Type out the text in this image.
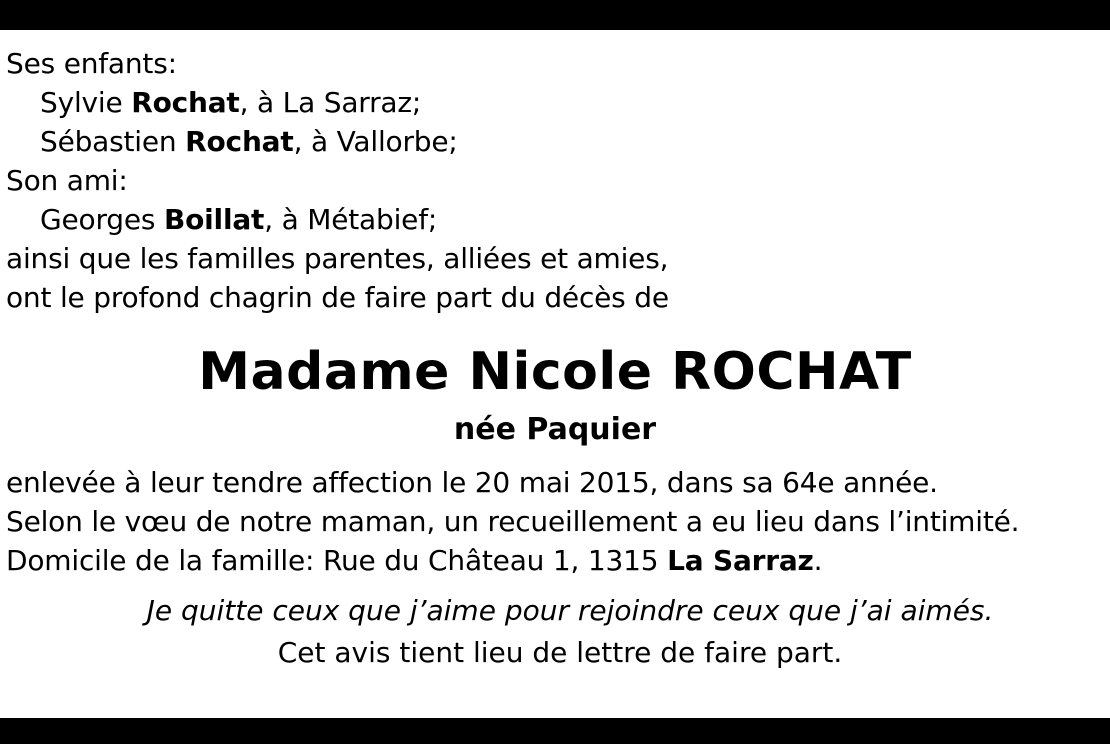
Ses enfants:
Sylvie Rochat, à La Sarraz;
Sébastien Rochat, à Vallorbe;
Son ami:
Georges Boillat, à Métabief;
ainsi que les familles parentes, alliées et amies,
ont le profond chagrin de faire part du décès de
Madame Nicole ROCHAT
née Paquier
enlevée à leur tendre affection le 20 mai 2015, dans sa 64e année.
Selon le vœu de notre maman, un recueillement a eu lieu dans l’intimité.
Domicile de la famille: Rue du Château 1, 1315 La Sarraz.
Je quitte ceux que j’aime pour rejoindre ceux que j’ai aimés.
Cet avis tient lieu de lettre de faire part.
